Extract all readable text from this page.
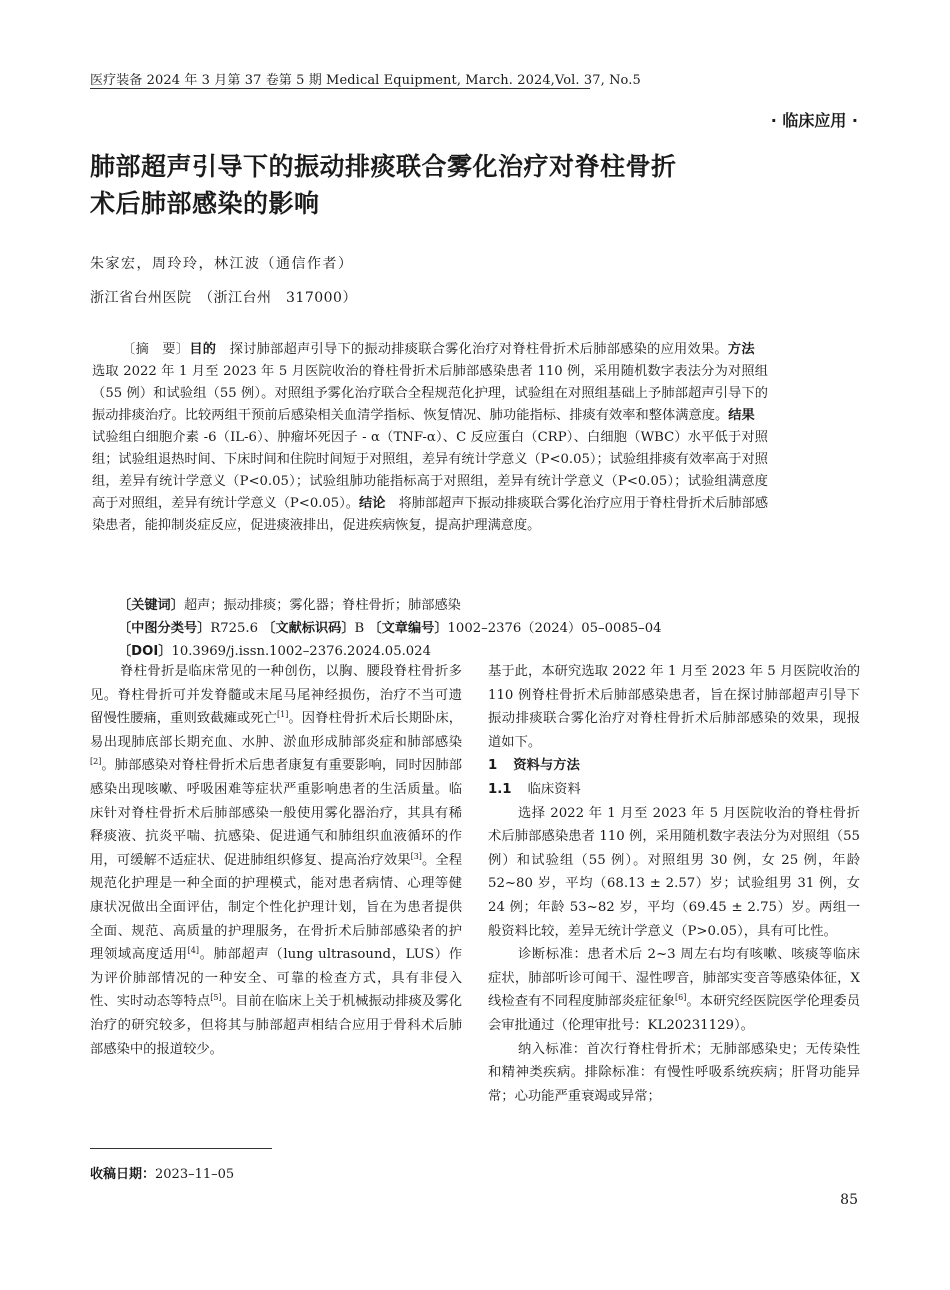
医疗装备 2024 年 3 月第 37 卷第 5 期 Medical Equipment, March. 2024,Vol. 37, No.5
· 临床应用 ·
肺部超声引导下的振动排痰联合雾化治疗对脊柱骨折
术后肺部感染的影响
朱家宏，周玲玲，林江波（通信作者）
浙江省台州医院　（浙江台州　317000）
〔摘　要〕目的　探讨肺部超声引导下的振动排痰联合雾化治疗对脊柱骨折术后肺部感染的应用效果。方法　选取 2022 年 1 月至 2023 年 5 月医院收治的脊柱骨折术后肺部感染患者 110 例，采用随机数字表法分为对照组（55 例）和试验组（55 例）。对照组予雾化治疗联合全程规范化护理，试验组在对照组基础上予肺部超声引导下的振动排痰治疗。比较两组干预前后感染相关血清学指标、恢复情况、肺功能指标、排痰有效率和整体满意度。结果　试验组白细胞介素 -6（IL-6）、肿瘤坏死因子 - α（TNF-α）、C 反应蛋白（CRP）、白细胞（WBC）水平低于对照组；试验组退热时间、下床时间和住院时间短于对照组，差异有统计学意义（P<0.05）；试验组排痰有效率高于对照组，差异有统计学意义（P<0.05）；试验组肺功能指标高于对照组，差异有统计学意义（P<0.05）；试验组满意度高于对照组，差异有统计学意义（P<0.05）。结论　将肺部超声下振动排痰联合雾化治疗应用于脊柱骨折术后肺部感染患者，能抑制炎症反应，促进痰液排出，促进疾病恢复，提高护理满意度。
〔关键词〕超声；振动排痰；雾化器；脊柱骨折；肺部感染
〔中图分类号〕R725.6 〔文献标识码〕B 〔文章编号〕1002–2376（2024）05–0085–04
〔DOI〕10.3969/j.issn.1002–2376.2024.05.024

脊柱骨折是临床常见的一种创伤，以胸、腰段脊柱骨折多见。脊柱骨折可并发脊髓或末尾马尾神经损伤，治疗不当可遗留慢性腰痛，重则致截瘫或死亡[1]。因脊柱骨折术后长期卧床，易出现肺底部长期充血、水肿、淤血形成肺部炎症和肺部感染[2]。肺部感染对脊柱骨折术后患者康复有重要影响，同时因肺部感染出现咳嗽、呼吸困难等症状严重影响患者的生活质量。临床针对脊柱骨折术后肺部感染一般使用雾化器治疗，其具有稀释痰液、抗炎平喘、抗感染、促进通气和肺组织血液循环的作用，可缓解不适症状、促进肺组织修复、提高治疗效果[3]。全程规范化护理是一种全面的护理模式，能对患者病情、心理等健康状况做出全面评估，制定个性化护理计划，旨在为患者提供全面、规范、高质量的护理服务，在骨折术后肺部感染者的护理领域高度适用[4]。肺部超声（lung ultrasound，LUS）作为评价肺部情况的一种安全、可靠的检查方式，具有非侵入性、实时动态等特点[5]。目前在临床上关于机械振动排痰及雾化治疗的研究较多，但将其与肺部超声相结合应用于骨科术后肺部感染中的报道较少。

基于此，本研究选取 2022 年 1 月至 2023 年 5 月医院收治的 110 例脊柱骨折术后肺部感染患者，旨在探讨肺部超声引导下振动排痰联合雾化治疗对脊柱骨折术后肺部感染的效果，现报道如下。

1 资料与方法

1.1 临床资料

选择 2022 年 1 月至 2023 年 5 月医院收治的脊柱骨折术后肺部感染患者 110 例，采用随机数字表法分为对照组（55 例）和试验组（55 例）。对照组男 30 例，女 25 例，年龄 52~80 岁，平均（68.13 ± 2.57）岁；试验组男 31 例，女 24 例；年龄 53~82 岁，平均（69.45 ± 2.75）岁。两组一般资料比较，差异无统计学意义（P>0.05），具有可比性。

诊断标准：患者术后 2~3 周左右均有咳嗽、咳痰等临床症状，肺部听诊可闻干、湿性啰音，肺部实变音等感染体征，X 线检查有不同程度肺部炎症征象[6]。本研究经医院医学伦理委员会审批通过（伦理审批号：KL20231129）。

纳入标准：首次行脊柱骨折术；无肺部感染史；无传染性和精神类疾病。排除标准：有慢性呼吸系统疾病；肝肾功能异常；心功能严重衰竭或异常；

收稿日期：2023–11–05
85
